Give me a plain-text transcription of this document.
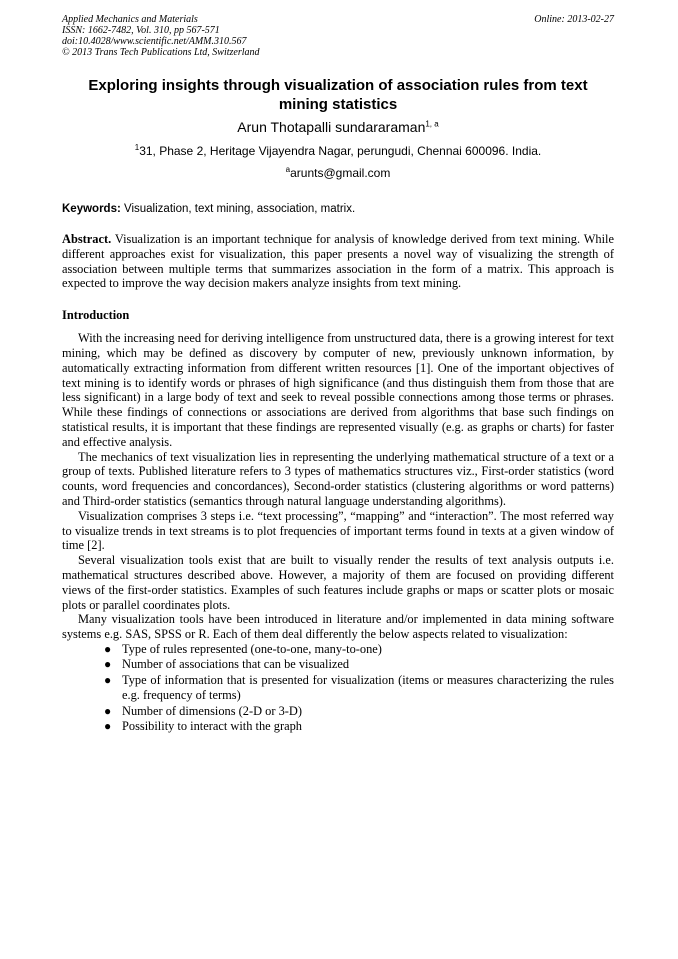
Applied Mechanics and Materials
ISSN: 1662-7482, Vol. 310, pp 567-571
doi:10.4028/www.scientific.net/AMM.310.567
© 2013 Trans Tech Publications Ltd, Switzerland
Online: 2013-02-27
Exploring insights through visualization of association rules from text mining statistics
Arun Thotapalli sundararaman$^{1, a}$
$^1$31, Phase 2, Heritage Vijayendra Nagar, perungudi, Chennai 600096. India.
$^a$arunts@gmail.com
Keywords: Visualization, text mining, association, matrix.
Abstract. Visualization is an important technique for analysis of knowledge derived from text mining. While different approaches exist for visualization, this paper presents a novel way of visualizing the strength of association between multiple terms that summarizes association in the form of a matrix. This approach is expected to improve the way decision makers analyze insights from text mining.
Introduction

With the increasing need for deriving intelligence from unstructured data, there is a growing interest for text mining, which may be defined as discovery by computer of new, previously unknown information, by automatically extracting information from different written resources [1]. One of the important objectives of text mining is to identify words or phrases of high significance (and thus distinguish them from those that are less significant) in a large body of text and seek to reveal possible connections among those terms or phrases. While these findings of connections or associations are derived from algorithms that base such findings on statistical results, it is important that these findings are represented visually (e.g. as graphs or charts) for faster and effective analysis.

The mechanics of text visualization lies in representing the underlying mathematical structure of a text or a group of texts. Published literature refers to 3 types of mathematics structures viz., First-order statistics (word counts, word frequencies and concordances), Second-order statistics (clustering algorithms or word patterns) and Third-order statistics (semantics through natural language understanding algorithms).

Visualization comprises 3 steps i.e. “text processing”, “mapping” and “interaction”. The most referred way to visualize trends in text streams is to plot frequencies of important terms found in texts at a given window of time [2].

Several visualization tools exist that are built to visually render the results of text analysis outputs i.e. mathematical structures described above. However, a majority of them are focused on providing different views of the first-order statistics. Examples of such features include graphs or maps or scatter plots or mosaic plots or parallel coordinates plots.

Many visualization tools have been introduced in literature and/or implemented in data mining software systems e.g. SAS, SPSS or R. Each of them deal differently the below aspects related to visualization:

● Type of rules represented (one-to-one, many-to-one)
● Number of associations that can be visualized
● Type of information that is presented for visualization (items or measures characterizing the rules e.g. frequency of terms)
● Number of dimensions (2-D or 3-D)
● Possibility to interact with the graph
